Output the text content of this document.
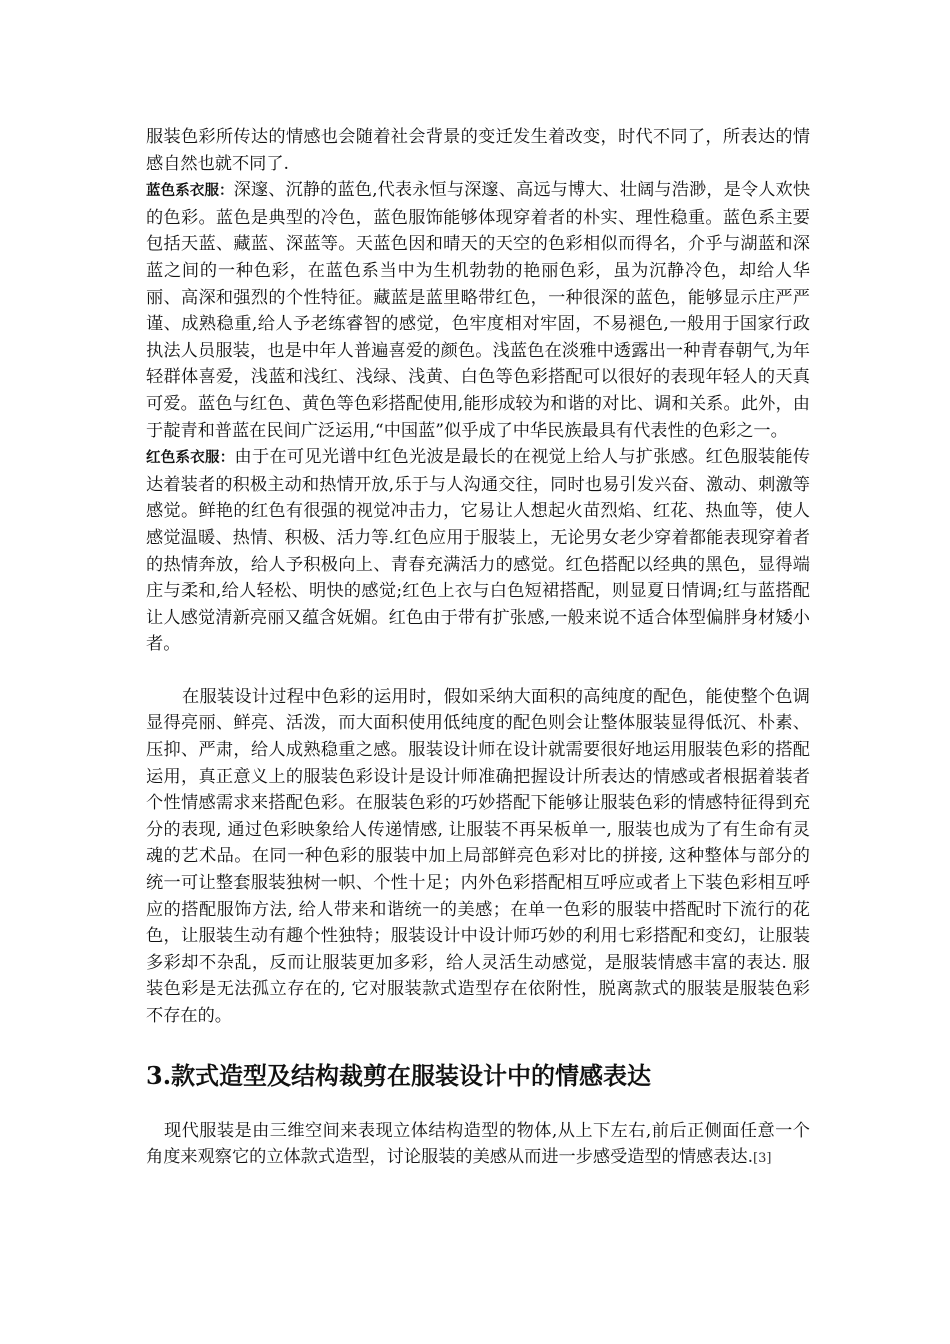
服装色彩所传达的情感也会随着社会背景的变迁发生着改变，时代不同了，所表达的情感自然也就不同了.

蓝色系衣服：深邃、沉静的蓝色,代表永恒与深邃、高远与博大、壮阔与浩渺，是令人欢快的色彩。蓝色是典型的冷色，蓝色服饰能够体现穿着者的朴实、理性稳重。蓝色系主要包括天蓝、藏蓝、深蓝等。天蓝色因和晴天的天空的色彩相似而得名，介乎与湖蓝和深蓝之间的一种色彩，在蓝色系当中为生机勃勃的艳丽色彩，虽为沉静冷色，却给人华丽、高深和强烈的个性特征。藏蓝是蓝里略带红色，一种很深的蓝色，能够显示庄严严谨、成熟稳重,给人予老练睿智的感觉，色牢度相对牢固，不易褪色,一般用于国家行政执法人员服装，也是中年人普遍喜爱的颜色。浅蓝色在淡雅中透露出一种青春朝气,为年轻群体喜爱，浅蓝和浅红、浅绿、浅黄、白色等色彩搭配可以很好的表现年轻人的天真可爱。蓝色与红色、黄色等色彩搭配使用,能形成较为和谐的对比、调和关系。此外，由于靛青和普蓝在民间广泛运用,“中国蓝”似乎成了中华民族最具有代表性的色彩之一。

红色系衣服：由于在可见光谱中红色光波是最长的在视觉上给人与扩张感。红色服装能传达着装者的积极主动和热情开放,乐于与人沟通交往，同时也易引发兴奋、激动、刺激等感觉。鲜艳的红色有很强的视觉冲击力，它易让人想起火苗烈焰、红花、热血等，使人感觉温暖、热情、积极、活力等.红色应用于服装上，无论男女老少穿着都能表现穿着者的热情奔放，给人予积极向上、青春充满活力的感觉。红色搭配以经典的黑色，显得端庄与柔和,给人轻松、明快的感觉;红色上衣与白色短裙搭配，则显夏日情调;红与蓝搭配让人感觉清新亮丽又蕴含妩媚。红色由于带有扩张感,一般来说不适合体型偏胖身材矮小者。

在服装设计过程中色彩的运用时，假如采纳大面积的高纯度的配色，能使整个色调显得亮丽、鲜亮、活泼，而大面积使用低纯度的配色则会让整体服装显得低沉、朴素、压抑、严肃，给人成熟稳重之感。服装设计师在设计就需要很好地运用服装色彩的搭配运用，真正意义上的服装色彩设计是设计师准确把握设计所表达的情感或者根据着装者个性情感需求来搭配色彩。在服装色彩的巧妙搭配下能够让服装色彩的情感特征得到充分的表现, 通过色彩映象给人传递情感, 让服装不再呆板单一, 服装也成为了有生命有灵魂的艺术品。在同一种色彩的服装中加上局部鲜亮色彩对比的拼接, 这种整体与部分的统一可让整套服装独树一帜、个性十足；内外色彩搭配相互呼应或者上下装色彩相互呼应的搭配服饰方法, 给人带来和谐统一的美感；在单一色彩的服装中搭配时下流行的花色，让服装生动有趣个性独特；服装设计中设计师巧妙的利用七彩搭配和变幻，让服装多彩却不杂乱，反而让服装更加多彩，给人灵活生动感觉，是服装情感丰富的表达. 服装色彩是无法孤立存在的, 它对服装款式造型存在依附性，脱离款式的服装是服装色彩不存在的。

3.款式造型及结构裁剪在服装设计中的情感表达

现代服装是由三维空间来表现立体结构造型的物体,从上下左右,前后正侧面任意一个角度来观察它的立体款式造型，讨论服装的美感从而进一步感受造型的情感表达.[3]
